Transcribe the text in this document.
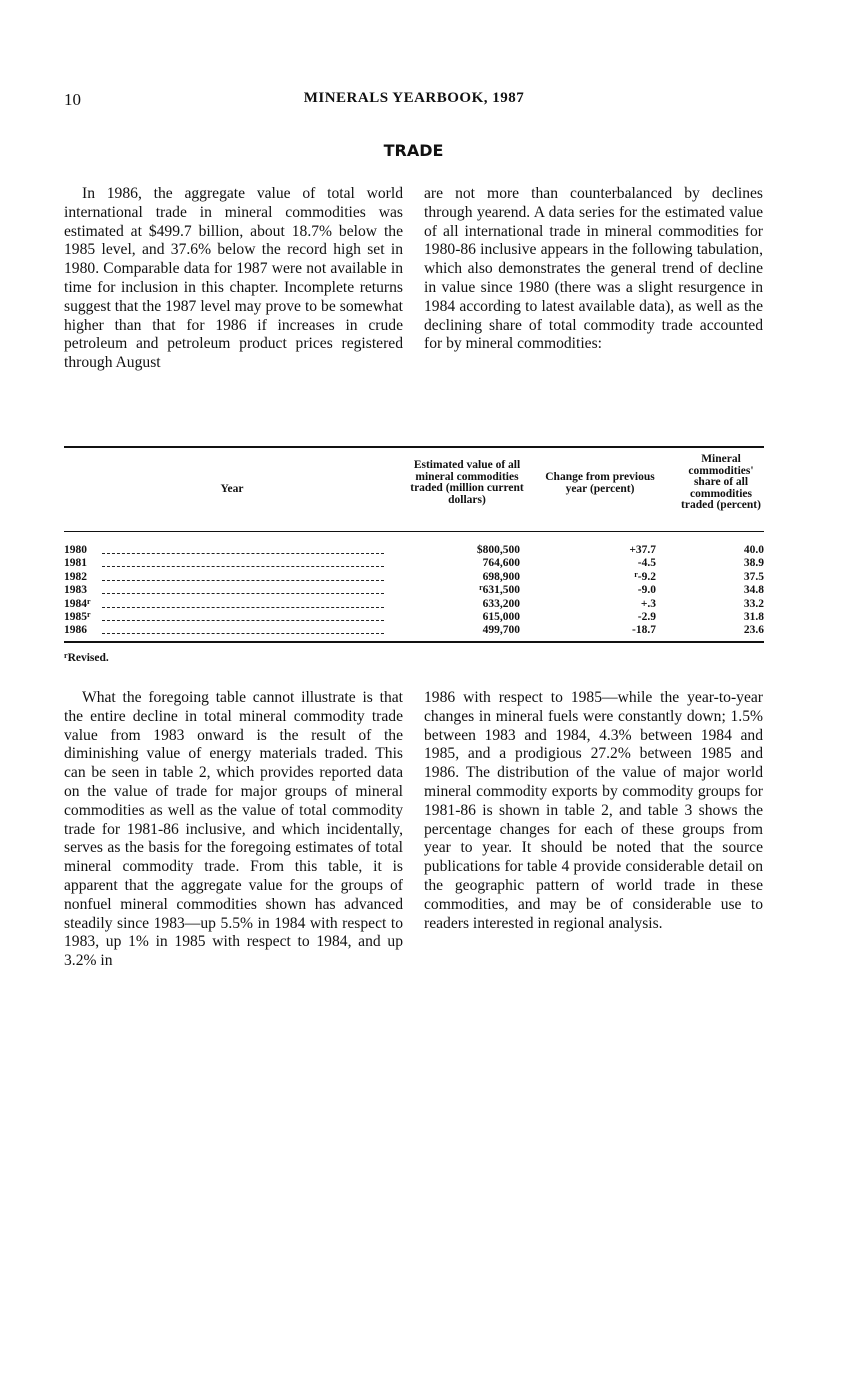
10	MINERALS YEARBOOK, 1987
TRADE

In 1986, the aggregate value of total world international trade in mineral commodities was estimated at $499.7 billion, about 18.7% below the 1985 level, and 37.6% below the record high set in 1980. Comparable data for 1987 were not available in time for inclusion in this chapter. Incomplete returns suggest that the 1987 level may prove to be somewhat higher than that for 1986 if increases in crude petroleum and petroleum product prices registered through August

are not more than counterbalanced by declines through yearend. A data series for the estimated value of all international trade in mineral commodities for 1980-86 inclusive appears in the following tabulation, which also demonstrates the general trend of decline in value since 1980 (there was a slight resurgence in 1984 according to latest available data), as well as the declining share of total commodity trade accounted for by mineral commodities:

Year
Estimated value of all mineral commodities traded (million current dollars)
Change from previous year (percent)
Mineral commodities' share of all commodities traded (percent)
1980	$800,500	+37.7	40.0
1981	764,600	-4.5	38.9
1982	698,900	$^r$-9.2	37.5
1983	$^r$631,500	-9.0	34.8
1984$^r$	633,200	+.3	33.2
1985$^r$	615,000	-2.9	31.8
1986	499,700	-18.7	23.6
$^r$Revised.

What the foregoing table cannot illustrate is that the entire decline in total mineral commodity trade value from 1983 onward is the result of the diminishing value of energy materials traded. This can be seen in table 2, which provides reported data on the value of trade for major groups of mineral commodities as well as the value of total commodity trade for 1981-86 inclusive, and which incidentally, serves as the basis for the foregoing estimates of total mineral commodity trade. From this table, it is apparent that the aggregate value for the groups of nonfuel mineral commodities shown has advanced steadily since 1983—up 5.5% in 1984 with respect to 1983, up 1% in 1985 with respect to 1984, and up 3.2% in

1986 with respect to 1985—while the year-to-year changes in mineral fuels were constantly down; 1.5% between 1983 and 1984, 4.3% between 1984 and 1985, and a prodigious 27.2% between 1985 and 1986. The distribution of the value of major world mineral commodity exports by commodity groups for 1981-86 is shown in table 2, and table 3 shows the percentage changes for each of these groups from year to year. It should be noted that the source publications for table 4 provide considerable detail on the geographic pattern of world trade in these commodities, and may be of considerable use to readers interested in regional analysis.
